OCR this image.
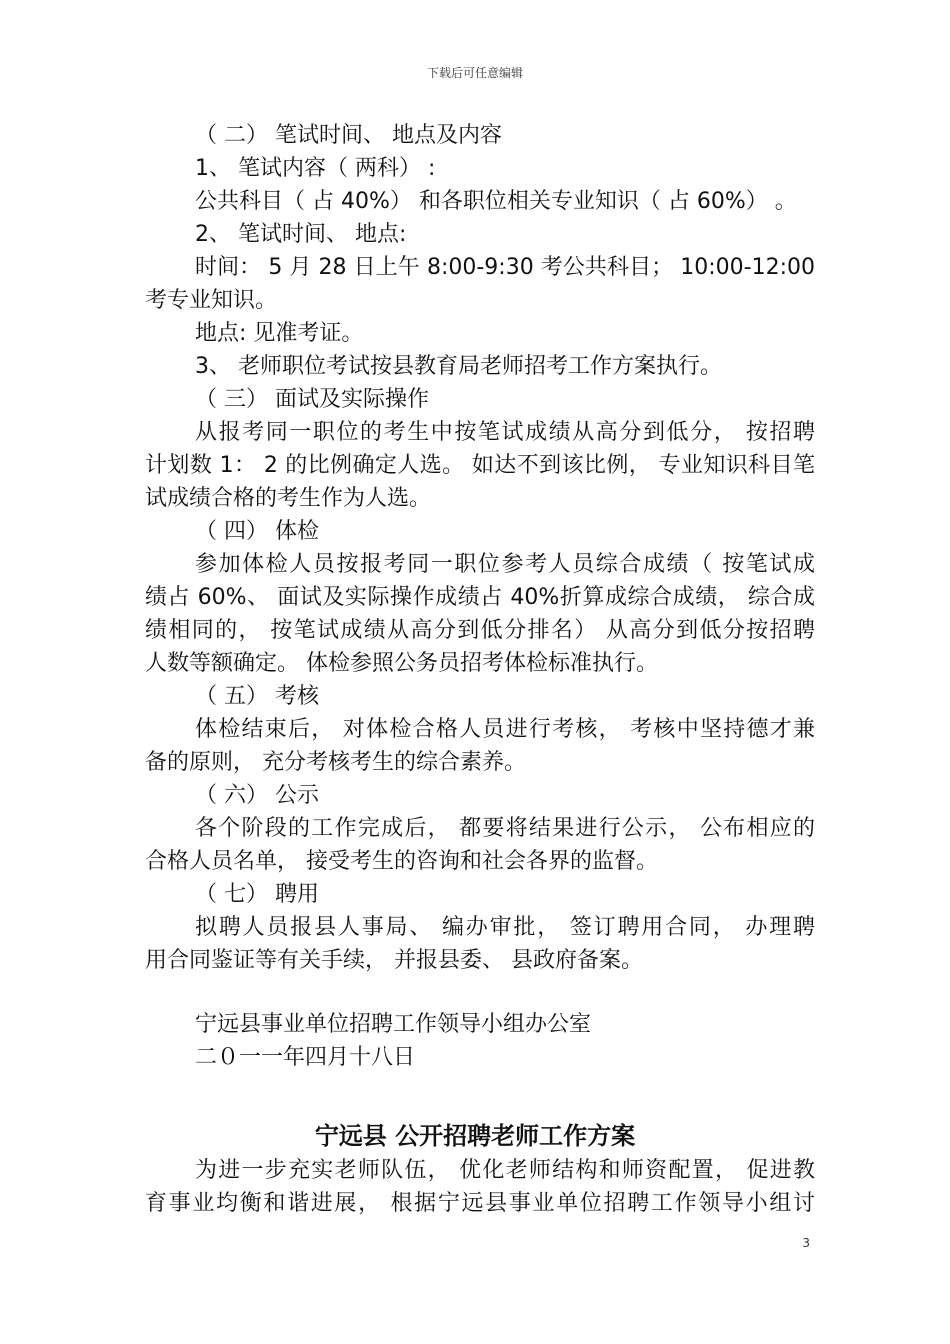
下载后可任意编辑
（ 二） 笔试时间、 地点及内容
1、 笔试内容（ 两科） :
公共科目（ 占 40%） 和各职位相关专业知识（ 占 60%） 。
2、 笔试时间、 地点:
时间： 5 月 28 日上午 8:00-9:30 考公共科目； 10:00-12:00
考专业知识。
地点: 见准考证。
3、 老师职位考试按县教育局老师招考工作方案执行。
（ 三） 面试及实际操作
从报考同一职位的考生中按笔试成绩从高分到低分， 按招聘
计划数 1： 2 的比例确定人选。 如达不到该比例， 专业知识科目笔
试成绩合格的考生作为人选。
（ 四） 体检
参加体检人员按报考同一职位参考人员综合成绩（ 按笔试成
绩占 60%、 面试及实际操作成绩占 40%折算成综合成绩， 综合成
绩相同的， 按笔试成绩从高分到低分排名） 从高分到低分按招聘
人数等额确定。 体检参照公务员招考体检标准执行。
（ 五） 考核
体检结束后， 对体检合格人员进行考核， 考核中坚持德才兼
备的原则， 充分考核考生的综合素养。
（ 六） 公示
各个阶段的工作完成后， 都要将结果进行公示， 公布相应的
合格人员名单， 接受考生的咨询和社会各界的监督。
（ 七） 聘用
拟聘人员报县人事局、 编办审批， 签订聘用合同， 办理聘
用合同鉴证等有关手续， 并报县委、 县政府备案。
宁远县事业单位招聘工作领导小组办公室
二０一一年四月十八日
宁远县 公开招聘老师工作方案
为进一步充实老师队伍， 优化老师结构和师资配置， 促进教
育事业均衡和谐进展， 根据宁远县事业单位招聘工作领导小组讨
3
